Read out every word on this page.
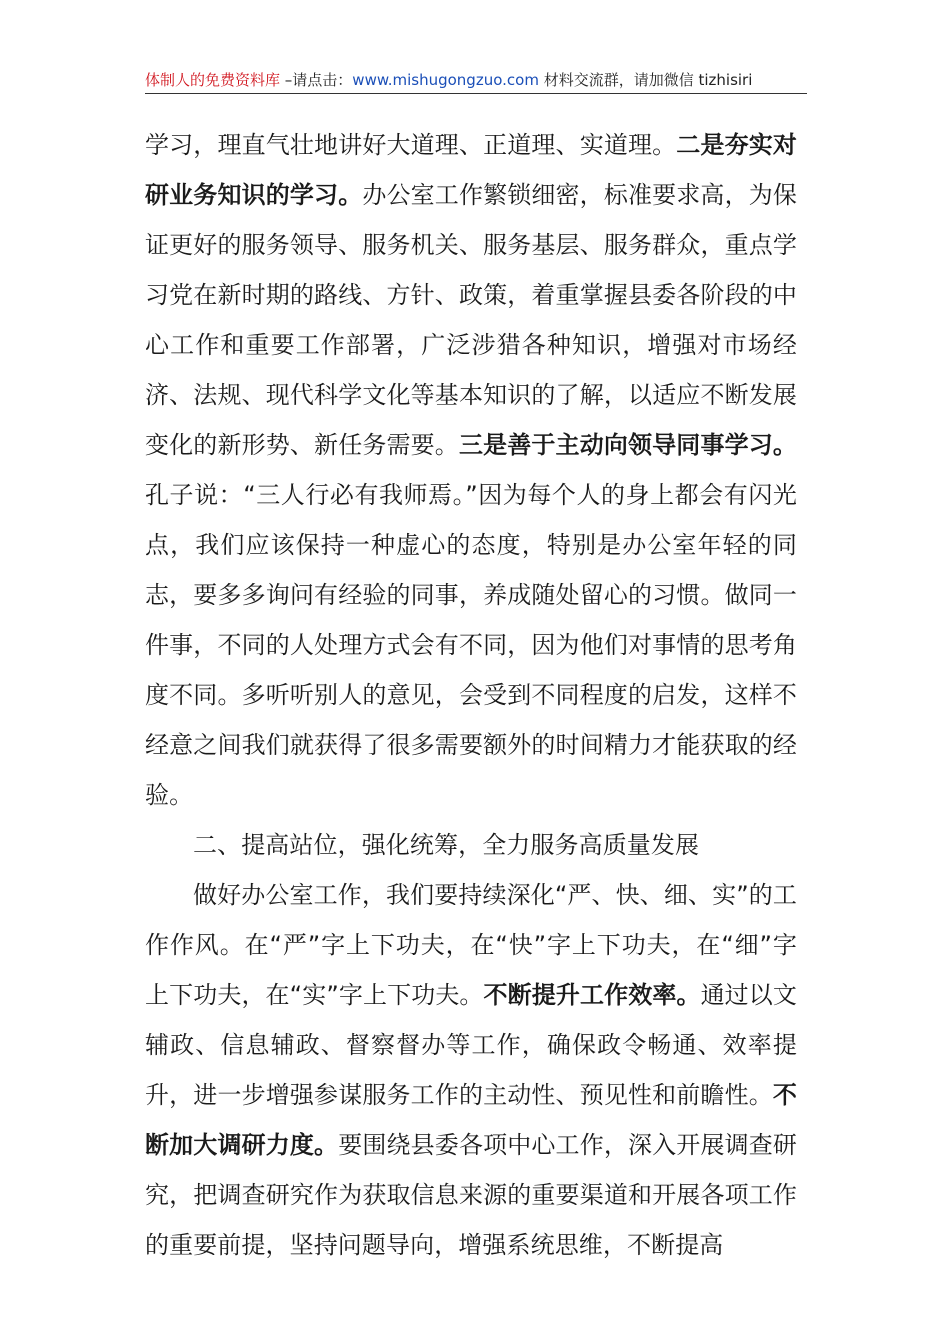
体制人的免费资料库 –请点击：www.mishugongzuo.com 材料交流群，请加微信 tizhisiri

学习，理直气壮地讲好大道理、正道理、实道理。二是夯实对研业务知识的学习。办公室工作繁锁细密，标准要求高，为保证更好的服务领导、服务机关、服务基层、服务群众，重点学习党在新时期的路线、方针、政策，着重掌握县委各阶段的中心工作和重要工作部署，广泛涉猎各种知识，增强对市场经济、法规、现代科学文化等基本知识的了解，以适应不断发展变化的新形势、新任务需要。三是善于主动向领导同事学习。孔子说：“三人行必有我师焉。”因为每个人的身上都会有闪光点，我们应该保持一种虚心的态度，特别是办公室年轻的同志，要多多询问有经验的同事，养成随处留心的习惯。做同一件事，不同的人处理方式会有不同，因为他们对事情的思考角度不同。多听听别人的意见，会受到不同程度的启发，这样不经意之间我们就获得了很多需要额外的时间精力才能获取的经验。

二、提高站位，强化统筹，全力服务高质量发展

做好办公室工作，我们要持续深化“严、快、细、实”的工作作风。在“严”字上下功夫，在“快”字上下功夫，在“细”字上下功夫，在“实”字上下功夫。不断提升工作效率。通过以文辅政、信息辅政、督察督办等工作，确保政令畅通、效率提升，进一步增强参谋服务工作的主动性、预见性和前瞻性。不断加大调研力度。要围绕县委各项中心工作，深入开展调查研究，把调查研究作为获取信息来源的重要渠道和开展各项工作的重要前提，坚持问题导向，增强系统思维，不断提高
